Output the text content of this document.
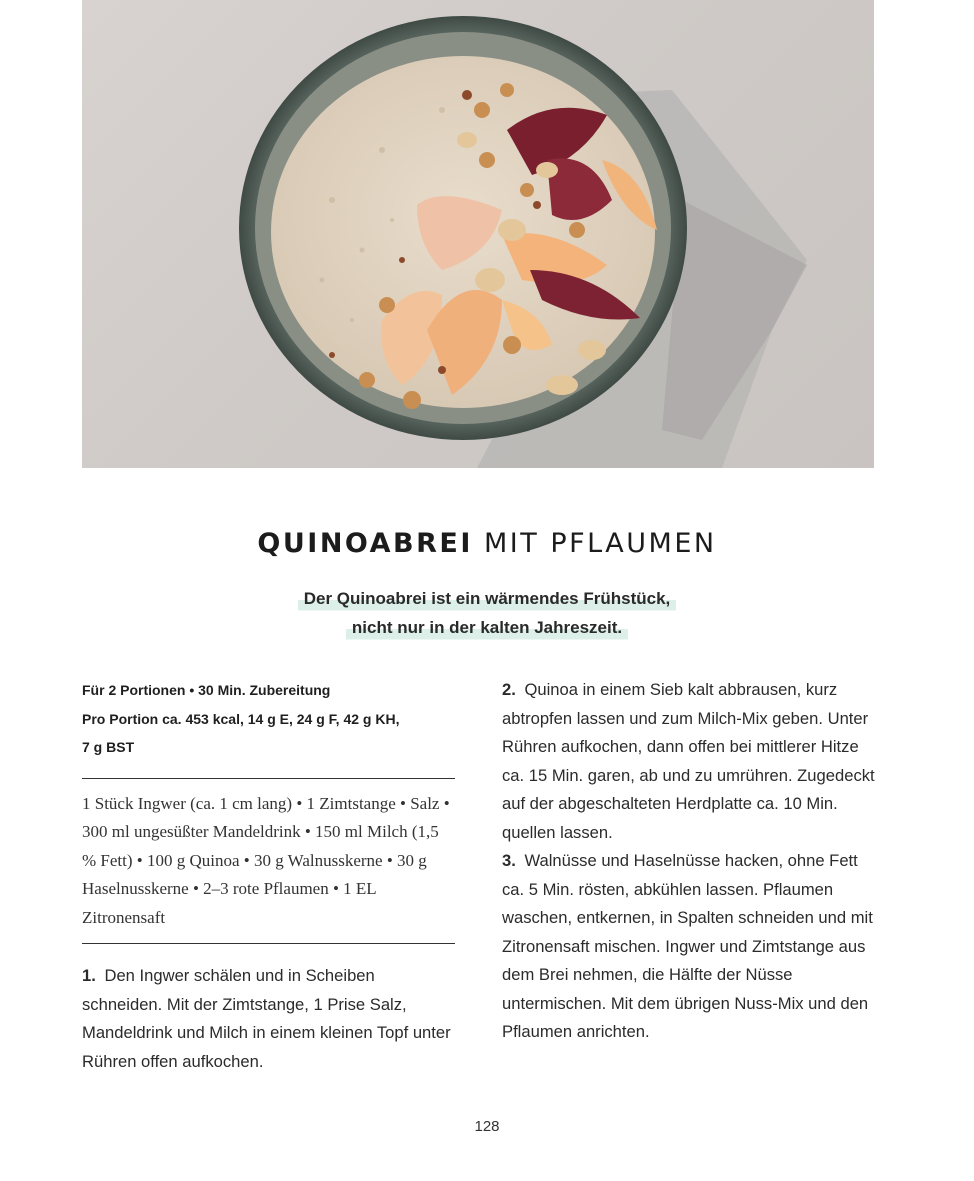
QUINOABREI MIT PFLAUMEN
Der Quinoabrei ist ein wärmendes Frühstück,
nicht nur in der kalten Jahreszeit.
Für 2 Portionen • 30 Min. Zubereitung
Pro Portion ca. 453 kcal, 14 g E, 24 g F, 42 g KH,
7 g BST
1 Stück Ingwer (ca. 1 cm lang) • 1 Zimtstange • Salz • 300 ml ungesüßter Mandeldrink • 150 ml Milch (1,5 % Fett) • 100 g Quinoa • 30 g Walnusskerne • 30 g Haselnusskerne • 2–3 rote Pflaumen • 1 EL Zitronensaft
1. Den Ingwer schälen und in Scheiben schneiden. Mit der Zimtstange, 1 Prise Salz, Mandeldrink und Milch in einem kleinen Topf unter Rühren offen aufkochen.
2. Quinoa in einem Sieb kalt abbrausen, kurz abtropfen lassen und zum Milch-Mix geben. Unter Rühren aufkochen, dann offen bei mittlerer Hitze ca. 15 Min. garen, ab und zu umrühren. Zugedeckt auf der abgeschalteten Herdplatte ca. 10 Min. quellen lassen.
3. Walnüsse und Haselnüsse hacken, ohne Fett ca. 5 Min. rösten, abkühlen lassen. Pflaumen waschen, entkernen, in Spalten schneiden und mit Zitronensaft mischen. Ingwer und Zimtstange aus dem Brei nehmen, die Hälfte der Nüsse untermischen. Mit dem übrigen Nuss-Mix und den Pflaumen anrichten.
128
